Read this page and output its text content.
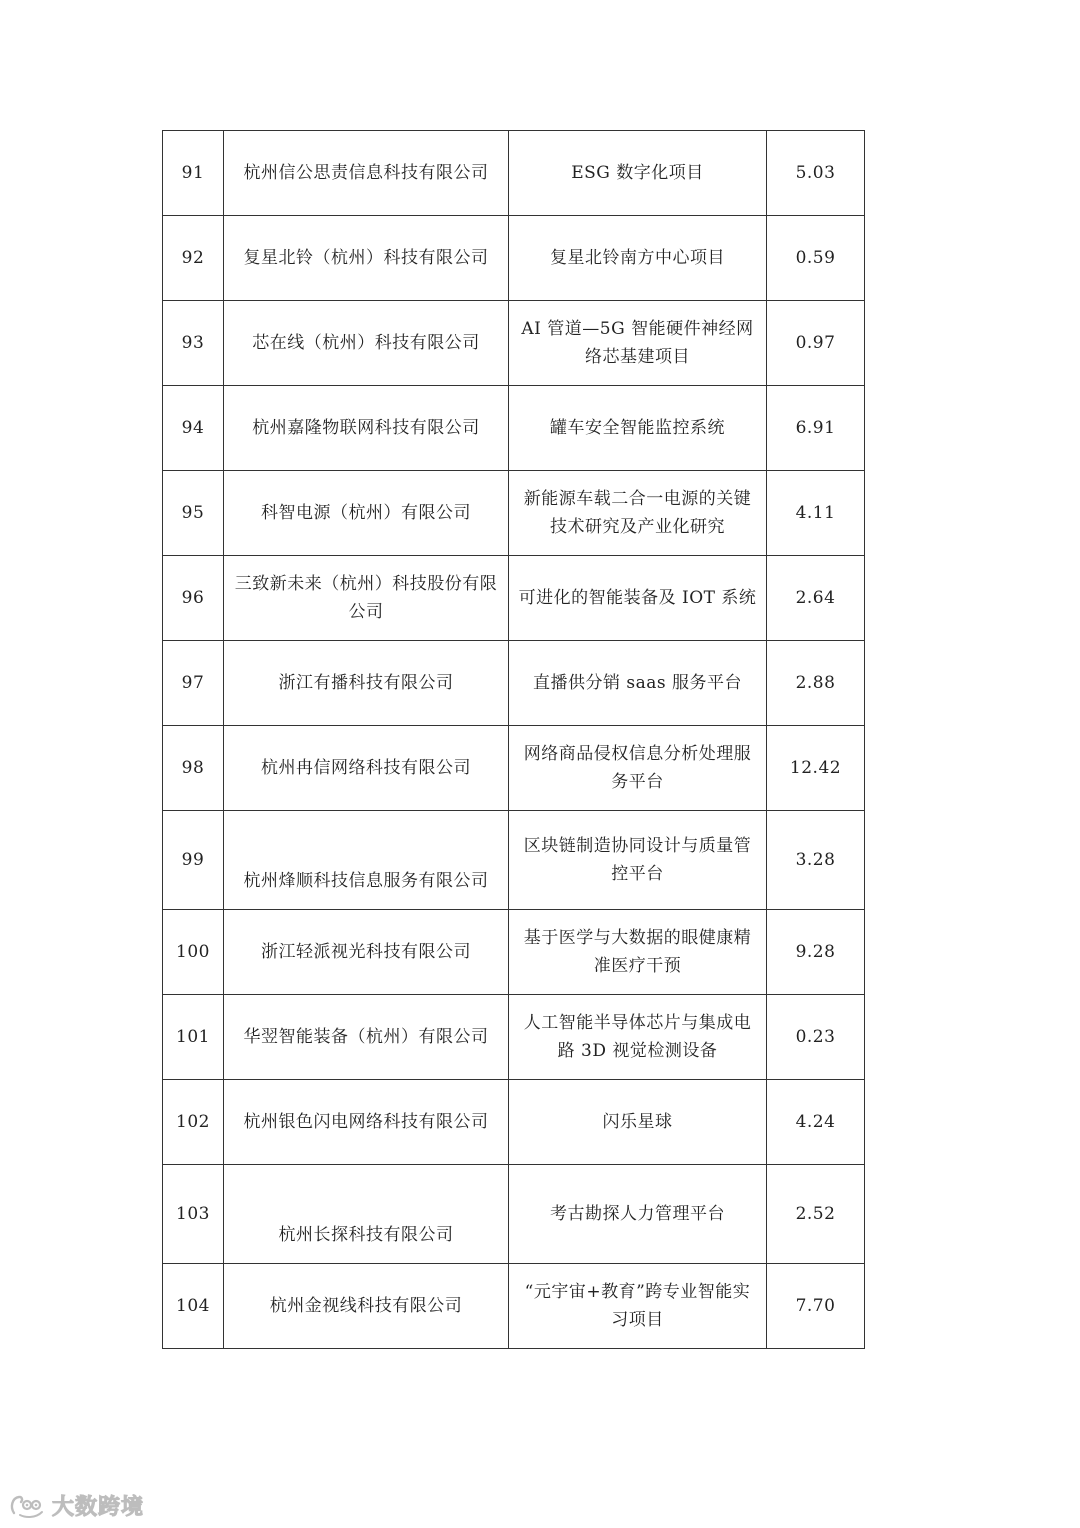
91	杭州信公思责信息科技有限公司	ESG 数字化项目	5.03
92	复星北铃（杭州）科技有限公司	复星北铃南方中心项目	0.59
93	芯在线（杭州）科技有限公司	AI 管道—5G 智能硬件神经网络芯基建项目	0.97
94	杭州嘉隆物联网科技有限公司	罐车安全智能监控系统	6.91
95	科智电源（杭州）有限公司	新能源车载二合一电源的关键技术研究及产业化研究	4.11
96	三致新未来（杭州）科技股份有限公司	可进化的智能装备及 IOT 系统	2.64
97	浙江有播科技有限公司	直播供分销 saas 服务平台	2.88
98	杭州冉信网络科技有限公司	网络商品侵权信息分析处理服务平台	12.42
99	杭州烽顺科技信息服务有限公司	区块链制造协同设计与质量管控平台	3.28
100	浙江轻派视光科技有限公司	基于医学与大数据的眼健康精准医疗干预	9.28
101	华翌智能装备（杭州）有限公司	人工智能半导体芯片与集成电路 3D 视觉检测设备	0.23
102	杭州银色闪电网络科技有限公司	闪乐星球	4.24
103	杭州长探科技有限公司	考古勘探人力管理平台	2.52
104	杭州金视线科技有限公司	“元宇宙+教育”跨专业智能实习项目	7.70
大数跨境
